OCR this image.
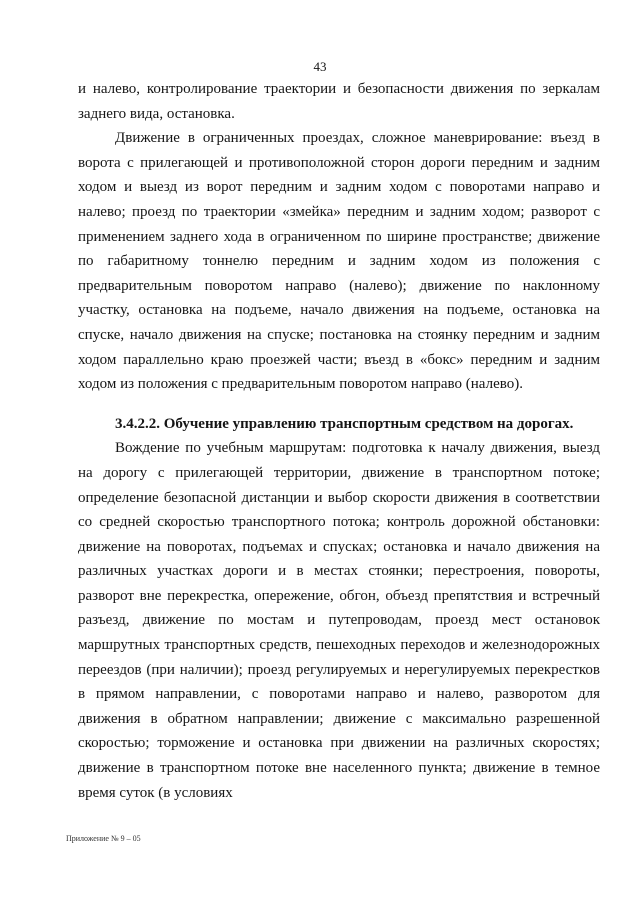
43

и налево, контролирование траектории и безопасности движения по зеркалам заднего вида, остановка.

Движение в ограниченных проездах, сложное маневрирование: въезд в ворота с прилегающей и противоположной сторон дороги передним и задним ходом и выезд из ворот передним и задним ходом с поворотами направо и налево; проезд по траектории «змейка» передним и задним ходом; разворот с применением заднего хода в ограниченном по ширине пространстве; движение по габаритному тоннелю передним и задним ходом из положения с предварительным поворотом направо (налево); движение по наклонному участку, остановка на подъеме, начало движения на подъеме, остановка на спуске, начало движения на спуске; постановка на стоянку передним и задним ходом параллельно краю проезжей части; въезд в «бокс» передним и задним ходом из положения с предварительным поворотом направо (налево).

3.4.2.2. Обучение управлению транспортным средством на дорогах.

Вождение по учебным маршрутам: подготовка к началу движения, выезд на дорогу с прилегающей территории, движение в транспортном потоке; определение безопасной дистанции и выбор скорости движения в соответствии со средней скоростью транспортного потока; контроль дорожной обстановки: движение на поворотах, подъемах и спусках; остановка и начало движения на различных участках дороги и в местах стоянки; перестроения, повороты, разворот вне перекрестка, опережение, обгон, объезд препятствия и встречный разъезд, движение по мостам и путепроводам, проезд мест остановок маршрутных транспортных средств, пешеходных переходов и железнодорожных переездов (при наличии); проезд регулируемых и нерегулируемых перекрестков в прямом направлении, с поворотами направо и налево, разворотом для движения в обратном направлении; движение с максимально разрешенной скоростью; торможение и остановка при движении на различных скоростях; движение в транспортном потоке вне населенного пункта; движение в темное время суток (в условиях

Приложение № 9 – 05
